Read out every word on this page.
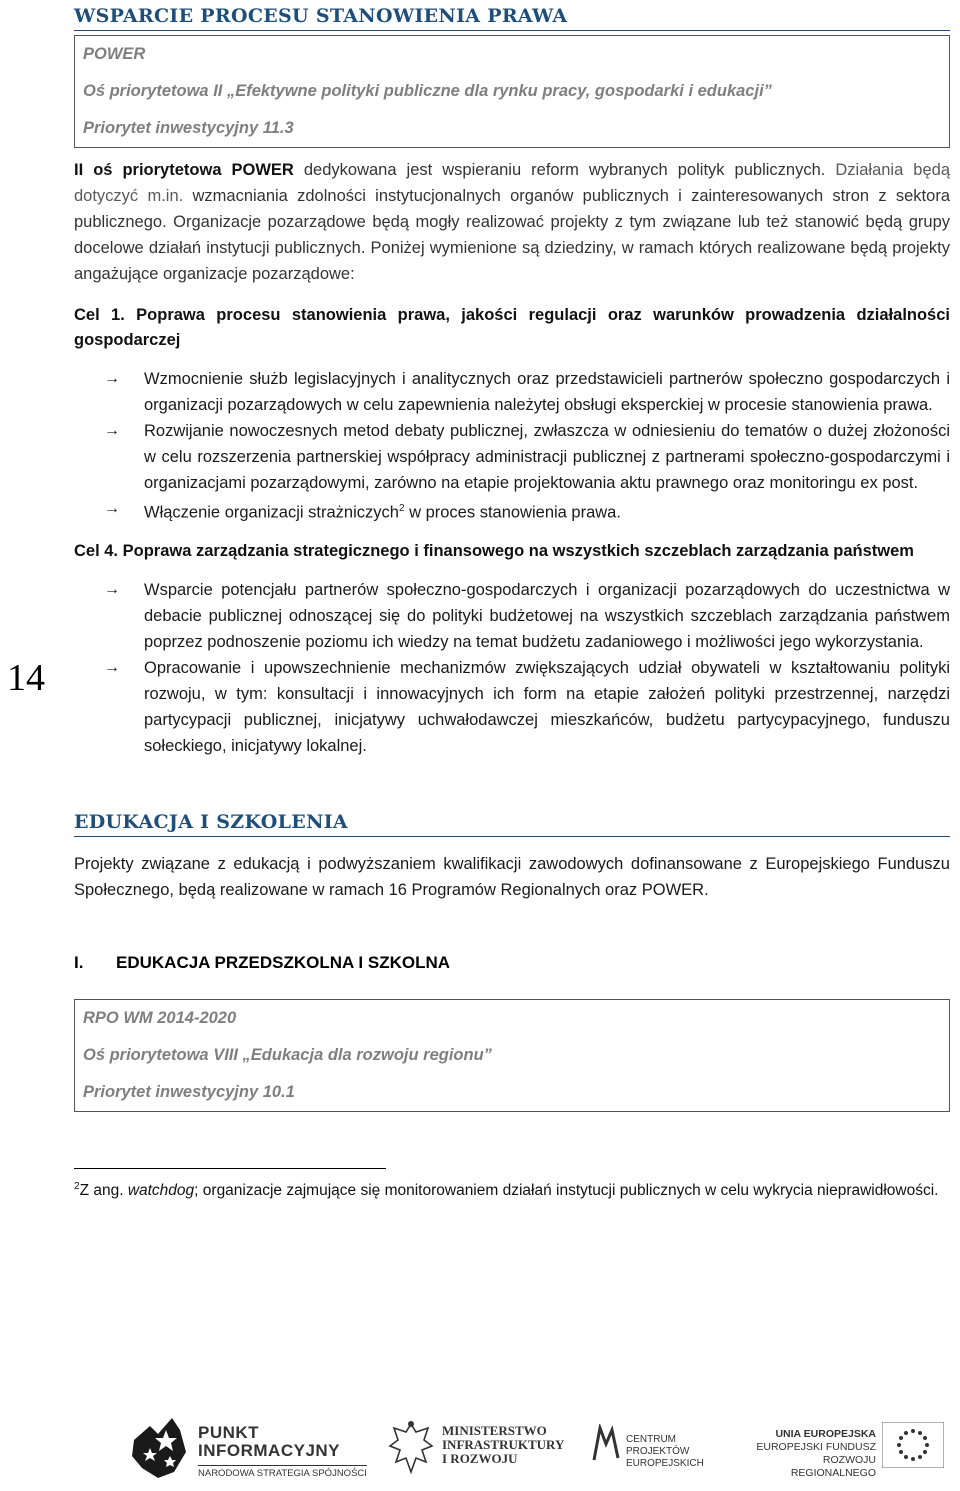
14
WSPARCIE PROCESU STANOWIENIA PRAWA
POWER
Oś priorytetowa II „Efektywne polityki publiczne dla rynku pracy, gospodarki i edukacji”
Priorytet inwestycyjny 11.3

II oś priorytetowa POWER dedykowana jest wspieraniu reform wybranych polityk publicznych. Działania będą dotyczyć m.in. wzmacniania zdolności instytucjonalnych organów publicznych i zainteresowanych stron z sektora publicznego. Organizacje pozarządowe będą mogły realizować projekty z tym związane lub też stanowić będą grupy docelowe działań instytucji publicznych. Poniżej wymienione są dziedziny, w ramach których realizowane będą projekty angażujące organizacje pozarządowe:

Cel 1. Poprawa procesu stanowienia prawa, jakości regulacji oraz warunków prowadzenia działalności gospodarczej

→ Wzmocnienie służb legislacyjnych i analitycznych oraz przedstawicieli partnerów społeczno gospodarczych i organizacji pozarządowych w celu zapewnienia należytej obsługi eksperckiej w procesie stanowienia prawa.
→ Rozwijanie nowoczesnych metod debaty publicznej, zwłaszcza w odniesieniu do tematów o dużej złożoności w celu rozszerzenia partnerskiej współpracy administracji publicznej z partnerami społeczno-gospodarczymi i organizacjami pozarządowymi, zarówno na etapie projektowania aktu prawnego oraz monitoringu ex post.
→ Włączenie organizacji strażniczych$^2$ w proces stanowienia prawa.

Cel 4. Poprawa zarządzania strategicznego i finansowego na wszystkich szczeblach zarządzania państwem

→ Wsparcie potencjału partnerów społeczno-gospodarczych i organizacji pozarządowych do uczestnictwa w debacie publicznej odnoszącej się do polityki budżetowej na wszystkich szczeblach zarządzania państwem poprzez podnoszenie poziomu ich wiedzy na temat budżetu zadaniowego i możliwości jego wykorzystania.
→ Opracowanie i upowszechnienie mechanizmów zwiększających udział obywateli w kształtowaniu polityki rozwoju, w tym: konsultacji i innowacyjnych ich form na etapie założeń polityki przestrzennej, narzędzi partycypacji publicznej, inicjatywy uchwałodawczej mieszkańców, budżetu partycypacyjnego, funduszu sołeckiego, inicjatywy lokalnej.
EDUKACJA I SZKOLENIA

Projekty związane z edukacją i podwyższaniem kwalifikacji zawodowych dofinansowane z Europejskiego Funduszu Społecznego, będą realizowane w ramach 16 Programów Regionalnych oraz POWER.

I. EDUKACJA PRZEDSZKOLNA I SZKOLNA
RPO WM 2014-2020
Oś priorytetowa VIII „Edukacja dla rozwoju regionu”
Priorytet inwestycyjny 10.1

$^2$Z ang. watchdog; organizacje zajmujące się monitorowaniem działań instytucji publicznych w celu wykrycia nieprawidłowości.

PUNKT
INFORMACYJNY
NARODOWA STRATEGIA SPÓJNOŚCI
MINISTERSTWO
INFRASTRUKTURY
I ROZWOJU
CENTRUM PROJEKTÓW
EUROPEJSKICH
UNIA EUROPEJSKA
EUROPEJSKI FUNDUSZ
ROZWOJU REGIONALNEGO
